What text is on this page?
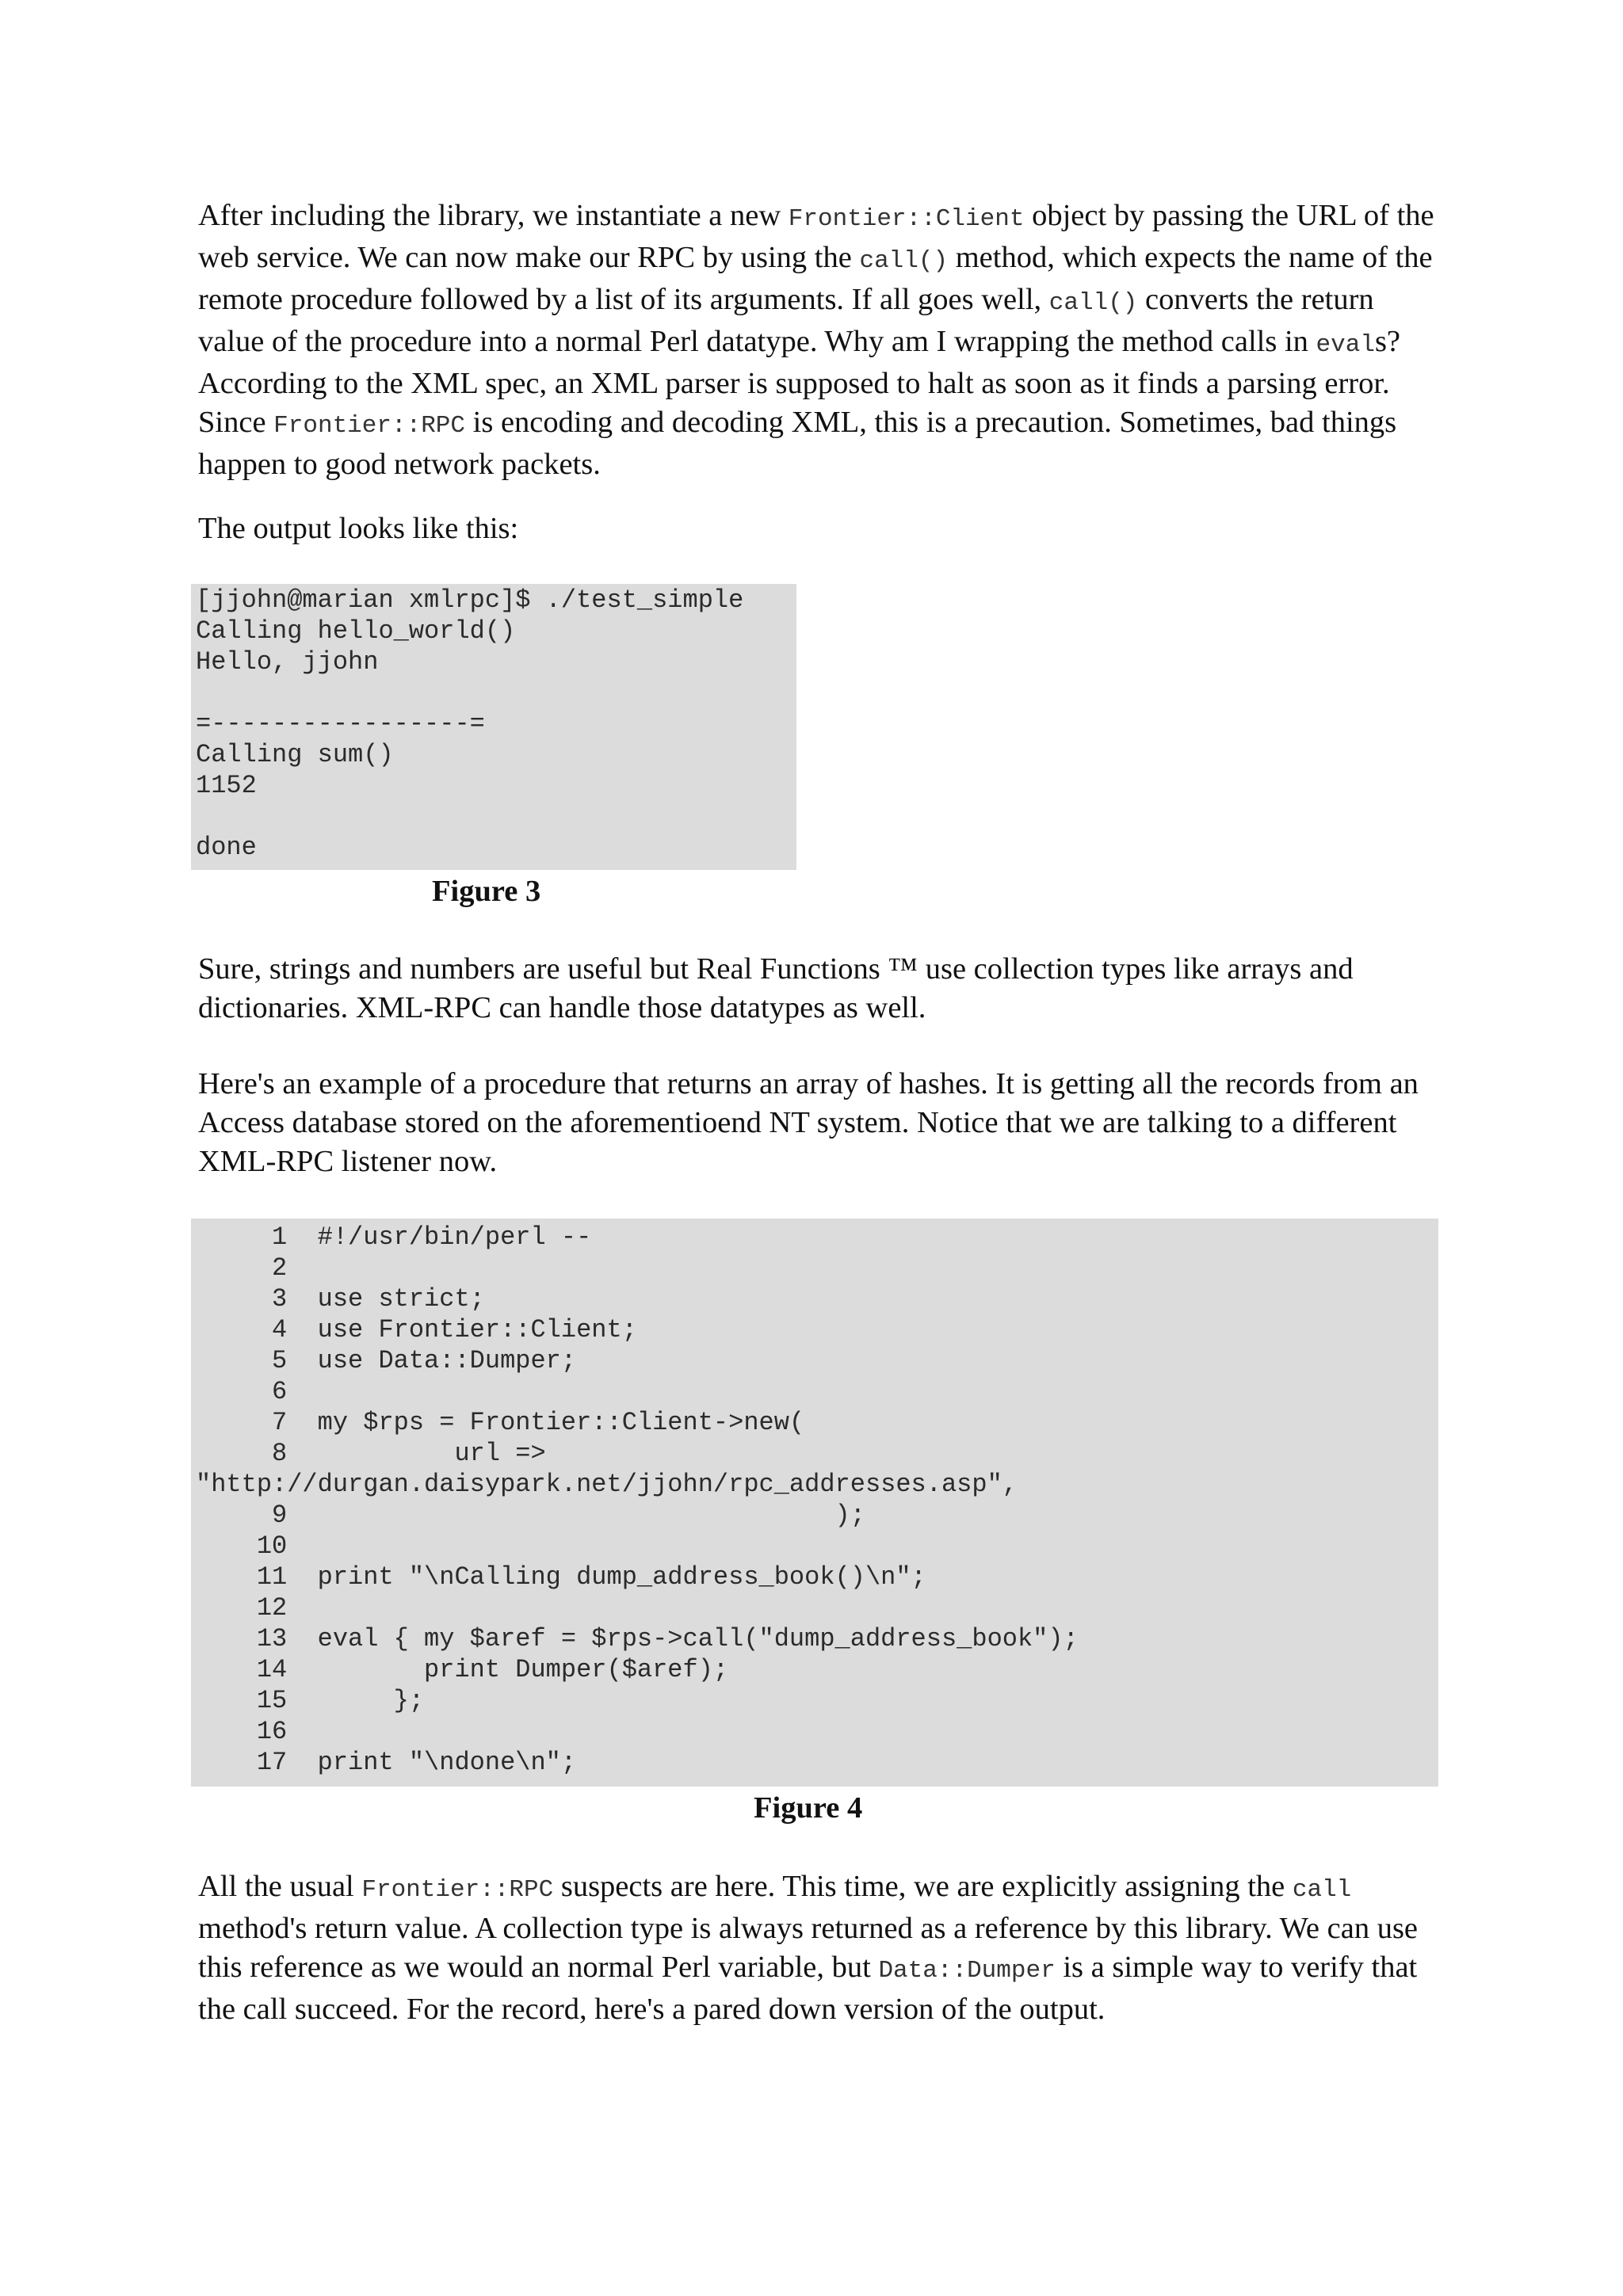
After including the library, we instantiate a new Frontier::Client object by passing the URL of the web service. We can now make our RPC by using the call() method, which expects the name of the remote procedure followed by a list of its arguments. If all goes well, call() converts the return value of the procedure into a normal Perl datatype. Why am I wrapping the method calls in evals? According to the XML spec, an XML parser is supposed to halt as soon as it finds a parsing error. Since Frontier::RPC is encoding and decoding XML, this is a precaution. Sometimes, bad things happen to good network packets.

The output looks like this:

[jjohn@marian xmlrpc]$ ./test_simple
Calling hello_world()
Hello, jjohn
=-----------------=
Calling sum()
1152
done
Figure 3

Sure, strings and numbers are useful but Real Functions ™ use collection types like arrays and dictionaries. XML-RPC can handle those datatypes as well.

Here's an example of a procedure that returns an array of hashes. It is getting all the records from an Access database stored on the aforementioend NT system. Notice that we are talking to a different XML-RPC listener now.

1  #!/usr/bin/perl --
2
3  use strict;
4  use Frontier::Client;
5  use Data::Dumper;
6
7  my $rps = Frontier::Client->new(
8           url =>
"http://durgan.daisypark.net/jjohn/rpc_addresses.asp",
9                                    );
10
11  print "\nCalling dump_address_book()\n";
12
13  eval { my $aref = $rps->call("dump_address_book");
14         print Dumper($aref);
15       };
16
17  print "\ndone\n";
Figure 4

All the usual Frontier::RPC suspects are here. This time, we are explicitly assigning the call method's return value. A collection type is always returned as a reference by this library. We can use this reference as we would an normal Perl variable, but Data::Dumper is a simple way to verify that the call succeed. For the record, here's a pared down version of the output.
